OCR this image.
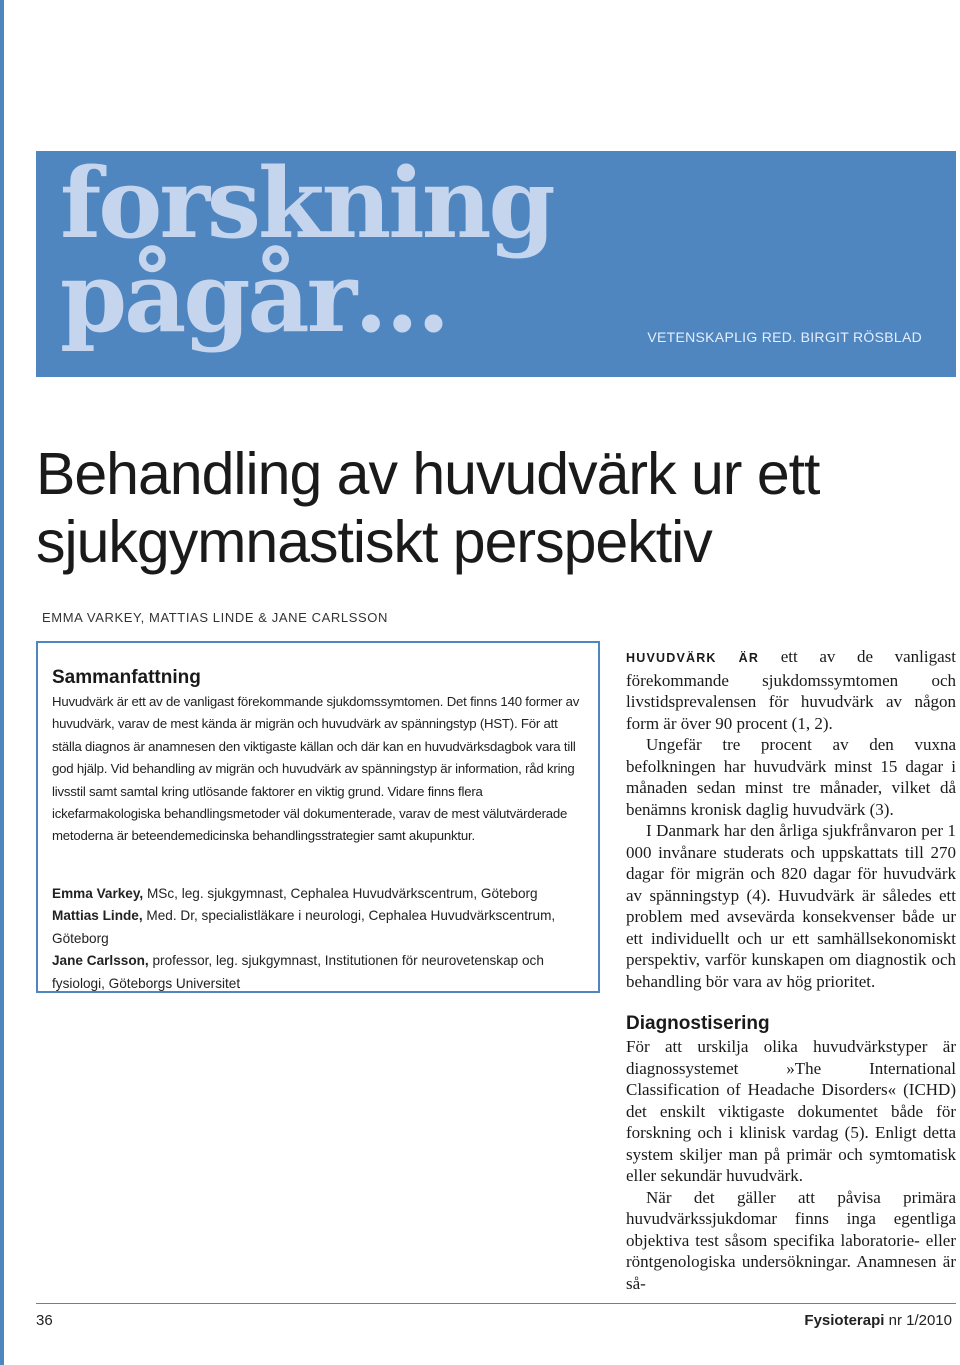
forskning
pågår…	VETENSKAPLIG RED. BIRGIT RÖSBLAD
Behandling av huvudvärk ur ett
sjukgymnastiskt perspektiv
EMMA VARKEY, MATTIAS LINDE & JANE CARLSSON
Sammanfattning
Huvudvärk är ett av de vanligast förekommande sjukdomssymtomen. Det finns 140 former av huvudvärk, varav de mest kända är migrän och huvudvärk av spänningstyp (HST). För att ställa diagnos är anamnesen den viktigaste källan och där kan en huvudvärksdagbok vara till god hjälp. Vid behandling av migrän och huvudvärk av spänningstyp är information, råd kring livsstil samt samtal kring utlösande faktorer en viktig grund. Vidare finns flera ickefarmakologiska behandlingsmetoder väl dokumenterade, varav de mest välutvärderade metoderna är beteendemedicinska behandlingsstrategier samt akupunktur.

Emma Varkey, MSc, leg. sjukgymnast, Cephalea Huvudvärkscentrum, Göteborg

Mattias Linde, Med. Dr, specialistläkare i neurologi, Cephalea Huvudvärkscentrum, Göteborg

Jane Carlsson, professor, leg. sjukgymnast, Institutionen för neurovetenskap och fysiologi, Göteborgs Universitet

HUVUDVÄRK ÄR ett av de vanligast förekommande sjukdomssymtomen och livstidsprevalensen för huvudvärk av någon form är över 90 procent (1, 2).

Ungefär tre procent av den vuxna befolkningen har huvudvärk minst 15 dagar i månaden sedan minst tre månader, vilket då benämns kronisk daglig huvudvärk (3).

I Danmark har den årliga sjukfrånvaron per 1 000 invånare studerats och uppskattats till 270 dagar för migrän och 820 dagar för huvudvärk av spänningstyp (4). Huvudvärk är således ett problem med avsevärda konsekvenser både ur ett individuellt och ur ett samhällsekonomiskt perspektiv, varför kunskapen om diagnostik och behandling bör vara av hög prioritet.

Diagnostisering

För att urskilja olika huvudvärkstyper är diagnossystemet »The International Classification of Headache Disorders« (ICHD) det enskilt viktigaste dokumentet både för forskning och i klinisk vardag (5). Enligt detta system skiljer man på primär och symtomatisk eller sekundär huvudvärk.

När det gäller att påvisa primära huvudvärkssjukdomar finns inga egentliga objektiva test såsom specifika laboratorie- eller röntgenologiska undersökningar. Anamnesen är så-

36	Fysioterapi nr 1/2010
